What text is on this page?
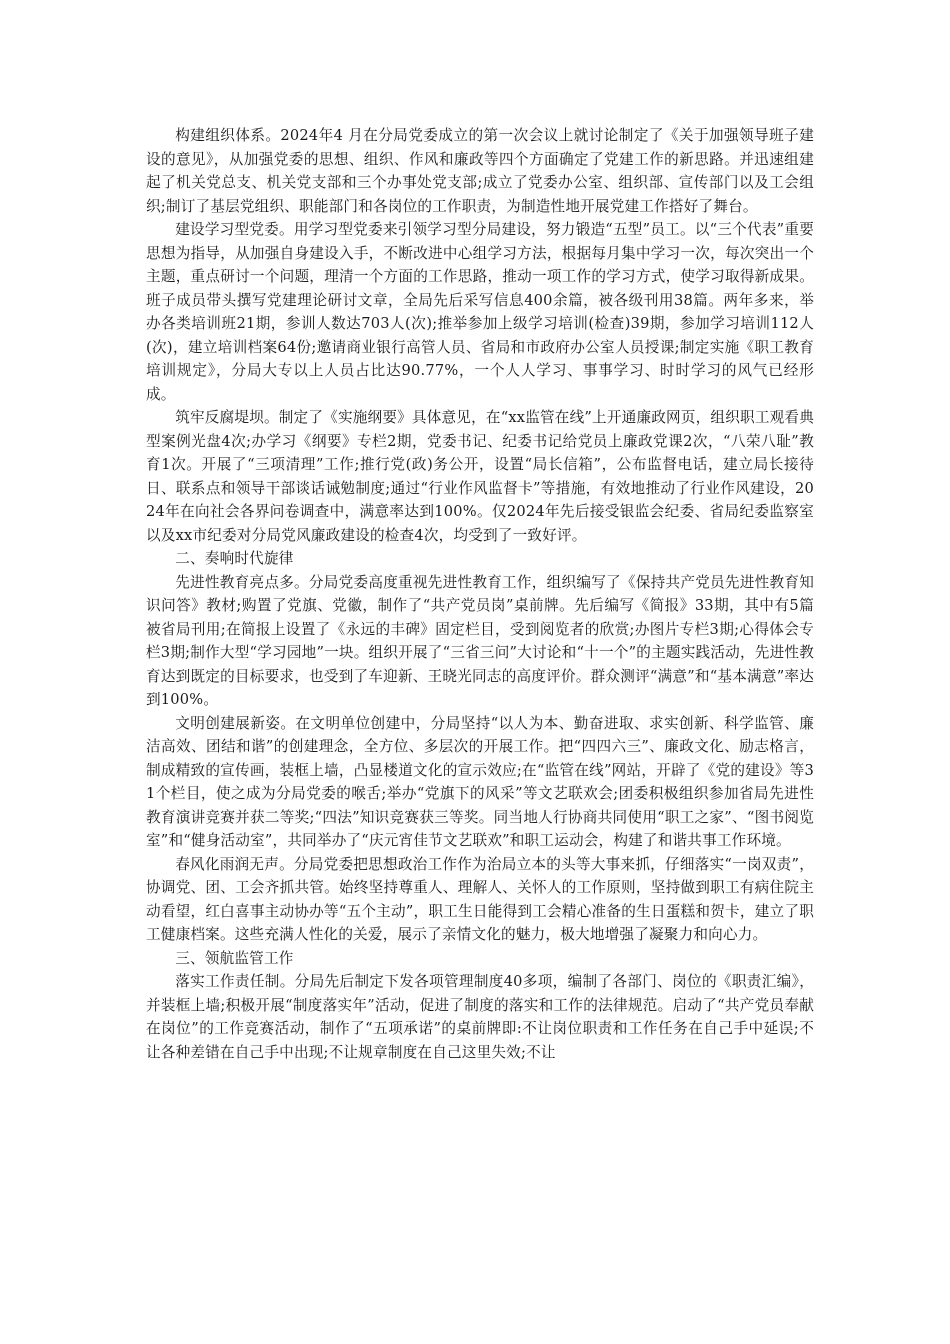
构建组织体系。2024年4 月在分局党委成立的第一次会议上就讨论制定了《关于加强领导班子建设的意见》，从加强党委的思想、组织、作风和廉政等四个方面确定了党建工作的新思路。并迅速组建起了机关党总支、机关党支部和三个办事处党支部;成立了党委办公室、组织部、宣传部门以及工会组织;制订了基层党组织、职能部门和各岗位的工作职责，为制造性地开展党建工作搭好了舞台。

建设学习型党委。用学习型党委来引领学习型分局建设，努力锻造“五型”员工。以“三个代表”重要思想为指导，从加强自身建设入手，不断改进中心组学习方法，根据每月集中学习一次，每次突出一个主题，重点研讨一个问题，理清一个方面的工作思路，推动一项工作的学习方式，使学习取得新成果。班子成员带头撰写党建理论研讨文章，全局先后采写信息400余篇，被各级刊用38篇。两年多来，举办各类培训班21期，参训人数达703人(次);推举参加上级学习培训(检查)39期，参加学习培训112人(次)，建立培训档案64份;邀请商业银行高管人员、省局和市政府办公室人员授课;制定实施《职工教育培训规定》，分局大专以上人员占比达90.77%，一个人人学习、事事学习、时时学习的风气已经形成。

筑牢反腐堤坝。制定了《实施纲要》具体意见，在“xx监管在线”上开通廉政网页，组织职工观看典型案例光盘4次;办学习《纲要》专栏2期，党委书记、纪委书记给党员上廉政党课2次，“八荣八耻”教育1次。开展了“三项清理”工作;推行党(政)务公开，设置“局长信箱”，公布监督电话，建立局长接待日、联系点和领导干部谈话诫勉制度;通过“行业作风监督卡”等措施，有效地推动了行业作风建设，2024年在向社会各界问卷调查中，满意率达到100%。仅2024年先后接受银监会纪委、省局纪委监察室以及xx市纪委对分局党风廉政建设的检查4次，均受到了一致好评。

二、奏响时代旋律

先进性教育亮点多。分局党委高度重视先进性教育工作，组织编写了《保持共产党员先进性教育知识问答》教材;购置了党旗、党徽，制作了“共产党员岗”桌前牌。先后编写《简报》33期，其中有5篇被省局刊用;在简报上设置了《永远的丰碑》固定栏目，受到阅览者的欣赏;办图片专栏3期;心得体会专栏3期;制作大型“学习园地”一块。组织开展了“三省三问”大讨论和“十一个”的主题实践活动，先进性教育达到既定的目标要求，也受到了车迎新、王晓光同志的高度评价。群众测评“满意”和“基本满意”率达到100%。

文明创建展新姿。在文明单位创建中，分局坚持“以人为本、勤奋进取、求实创新、科学监管、廉洁高效、团结和谐”的创建理念，全方位、多层次的开展工作。把“四四六三”、廉政文化、励志格言，制成精致的宣传画，装框上墙，凸显楼道文化的宣示效应;在“监管在线”网站，开辟了《党的建设》等31个栏目，使之成为分局党委的喉舌;举办“党旗下的风采”等文艺联欢会;团委积极组织参加省局先进性教育演讲竞赛并获二等奖;“四法”知识竞赛获三等奖。同当地人行协商共同使用“职工之家”、“图书阅览室”和“健身活动室”，共同举办了“庆元宵佳节文艺联欢”和职工运动会，构建了和谐共事工作环境。

春风化雨润无声。分局党委把思想政治工作作为治局立本的头等大事来抓，仔细落实“一岗双责”，协调党、团、工会齐抓共管。始终坚持尊重人、理解人、关怀人的工作原则，坚持做到职工有病住院主动看望，红白喜事主动协办等“五个主动”，职工生日能得到工会精心准备的生日蛋糕和贺卡，建立了职工健康档案。这些充满人性化的关爱，展示了亲情文化的魅力，极大地增强了凝聚力和向心力。

三、领航监管工作

落实工作责任制。分局先后制定下发各项管理制度40多项，编制了各部门、岗位的《职责汇编》，并装框上墙;积极开展“制度落实年”活动，促进了制度的落实和工作的法律规范。启动了“共产党员奉献在岗位”的工作竞赛活动，制作了“五项承诺”的桌前牌即:不让岗位职责和工作任务在自己手中延误;不让各种差错在自己手中出现;不让规章制度在自己这里失效;不让
